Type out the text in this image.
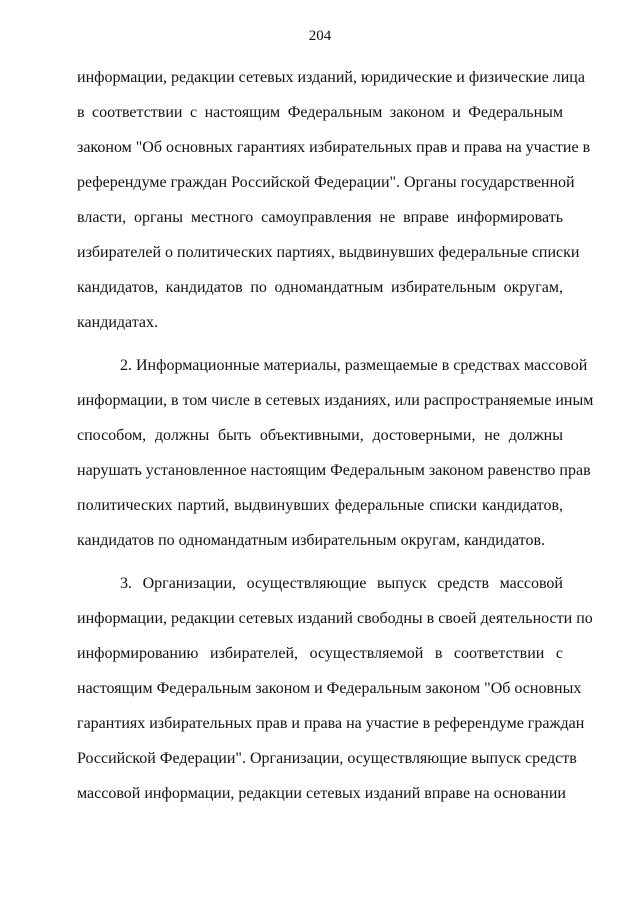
204

информации, редакции сетевых изданий, юридические и физические лица
в соответствии с настоящим Федеральным законом и Федеральным
законом "Об основных гарантиях избирательных прав и права на участие в
референдуме граждан Российской Федерации". Органы государственной
власти, органы местного самоуправления не вправе информировать
избирателей о политических партиях, выдвинувших федеральные списки
кандидатов, кандидатов по одномандатным избирательным округам,
кандидатах.

2. Информационные материалы, размещаемые в средствах массовой
информации, в том числе в сетевых изданиях, или распространяемые иным
способом, должны быть объективными, достоверными, не должны
нарушать установленное настоящим Федеральным законом равенство прав
политических партий, выдвинувших федеральные списки кандидатов,
кандидатов по одномандатным избирательным округам, кандидатов.

3. Организации, осуществляющие выпуск средств массовой
информации, редакции сетевых изданий свободны в своей деятельности по
информированию избирателей, осуществляемой в соответствии с
настоящим Федеральным законом и Федеральным законом "Об основных
гарантиях избирательных прав и права на участие в референдуме граждан
Российской Федерации". Организации, осуществляющие выпуск средств
массовой информации, редакции сетевых изданий вправе на основании
